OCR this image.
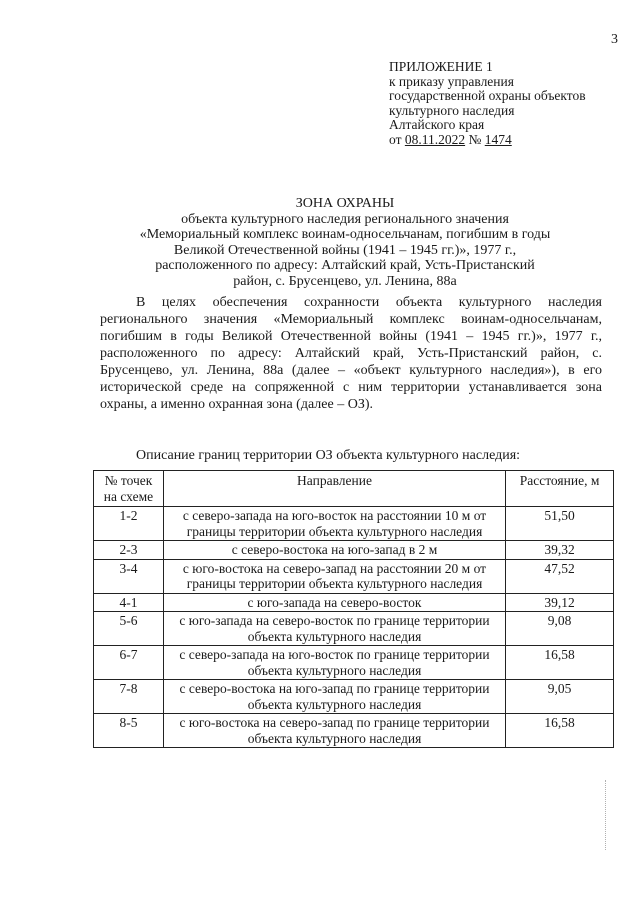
3
ПРИЛОЖЕНИЕ 1
к приказу управления
государственной охраны объектов
культурного наследия
Алтайского края
от 08.11.2022 № 1474
ЗОНА ОХРАНЫ
объекта культурного наследия регионального значения
«Мемориальный комплекс воинам-односельчанам, погибшим в годы
Великой Отечественной войны (1941 – 1945 гг.)», 1977 г.,
расположенного по адресу: Алтайский край, Усть-Пристанский
район, с. Брусенцево, ул. Ленина, 88а

В целях обеспечения сохранности объекта культурного наследия регионального значения «Мемориальный комплекс воинам-односельчанам, погибшим в годы Великой Отечественной войны (1941 – 1945 гг.)», 1977 г., расположенного по адресу: Алтайский край, Усть-Пристанский район, с. Брусенцево, ул. Ленина, 88а (далее – «объект культурного наследия»), в его исторической среде на сопряженной с ним территории устанавливается зона охраны, а именно охранная зона (далее – ОЗ).

Описание границ территории ОЗ объекта культурного наследия:
№ точек на схеме	Направление	Расстояние, м
1-2	с северо-запада на юго-восток на расстоянии 10 м от границы территории объекта культурного наследия	51,50
2-3	с северо-востока на юго-запад в 2 м	39,32
3-4	с юго-востока на северо-запад на расстоянии 20 м от границы территории объекта культурного наследия	47,52
4-1	с юго-запада на северо-восток	39,12
5-6	с юго-запада на северо-восток по границе территории объекта культурного наследия	9,08
6-7	с северо-запада на юго-восток по границе территории объекта культурного наследия	16,58
7-8	с северо-востока на юго-запад по границе территории объекта культурного наследия	9,05
8-5	с юго-востока на северо-запад по границе территории объекта культурного наследия	16,58
